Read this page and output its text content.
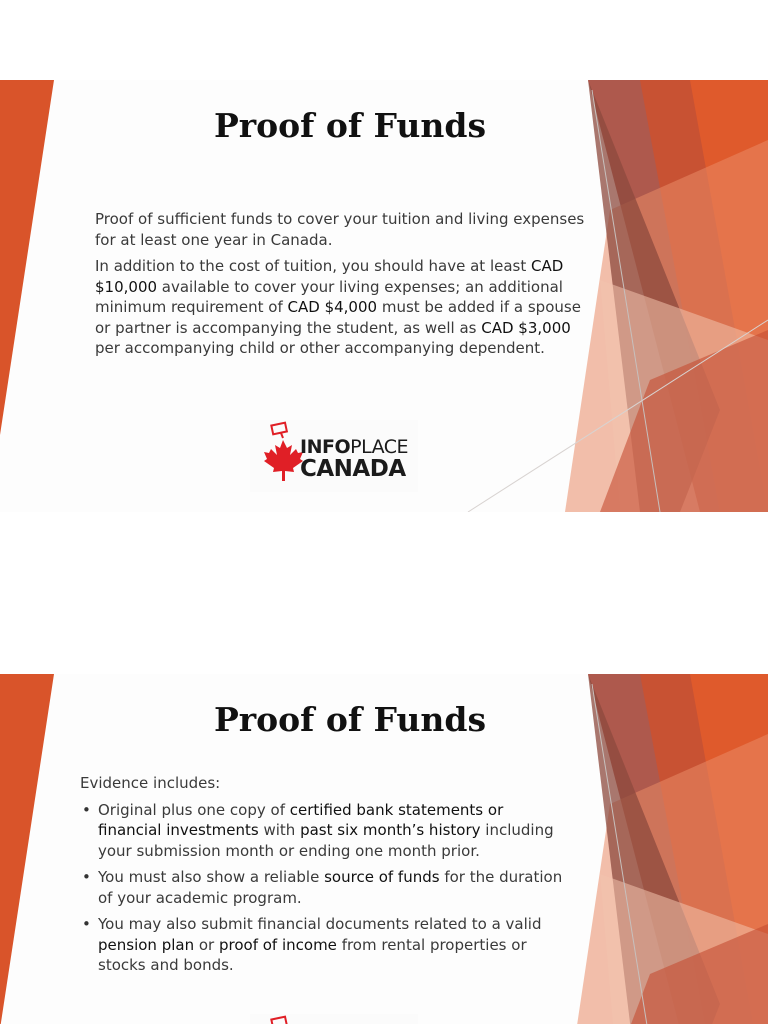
Proof of Funds

Proof of sufficient funds to cover your tuition and living expenses for at least one year in Canada.

In addition to the cost of tuition, you should have at least CAD $10,000 available to cover your living expenses; an additional minimum requirement of CAD $4,000 must be added if a spouse or partner is accompanying the student, as well as CAD $3,000 per accompanying child or other accompanying dependent.

INFOPLACE
CANADA
Proof of Funds
Evidence includes:
• Original plus one copy of certified bank statements or financial investments with past six month’s history including your submission month or ending one month prior.
• You must also show a reliable source of funds for the duration of your academic program.
• You may also submit financial documents related to a valid pension plan or proof of income from rental properties or stocks and bonds.
